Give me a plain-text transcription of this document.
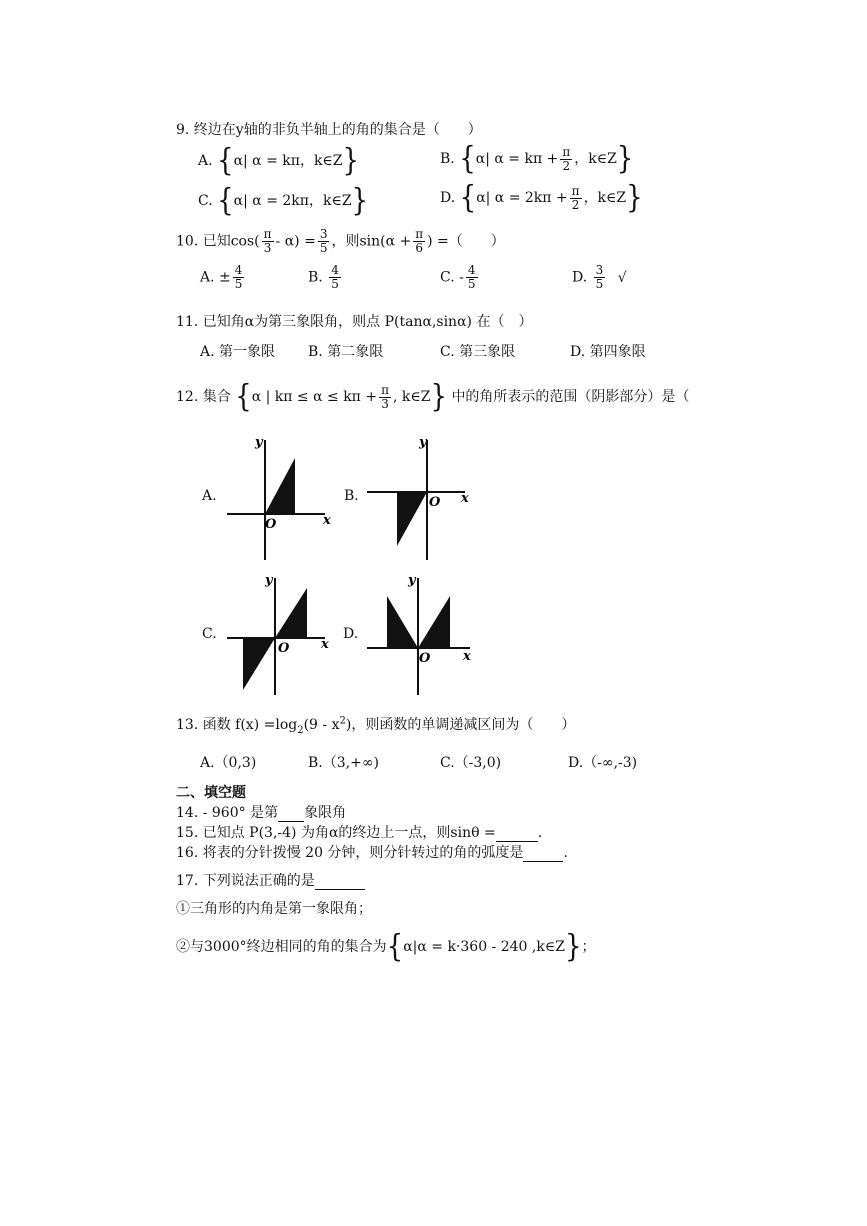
9. 终边在y轴的非负半轴上的角的集合是（　　）
A. {α| α = kπ，k∈Z}	B. {α| $\alpha = k\pi + \frac{\pi}{2}$ ，k∈Z}
C. {α| α = 2kπ，k∈Z}	D. {α| $\alpha = 2k\pi + \frac{\pi}{2}$ ，k∈Z}
10. 已知$\cos( \frac{\pi}{3} - \alpha) = \frac{3}{5}$ ，则$\sin(\alpha + \frac{\pi}{6}$ ) =（　　）
A. ± $\frac{4}{5}$	B. $\frac{4}{5}$	C. - $\frac{4}{5}$	D. $\frac{3}{5}$ √
11. 已知角α为第三象限角，则点 P(tanα,sinα) 在（　）
A. 第一象限 B. 第二象限	C. 第三象限	D. 第四象限
12. 集合 {α | $k\pi \le \alpha \le k\pi + \frac{\pi}{3}$ , k∈Z} 中的角所表示的范围（阴影部分）是（
A.
y
x
O
B.
y
x
O
C.
y
x
O
D.
y
x
O
13. 函数 $f(x) =\log_2(9 - x^2)$，则函数的单调递减区间为（　　）
A.（0,3)	B.（3,+∞)	C.（-3,0)	D.（-∞,-3)
二、填空题
14. - 960° 是第 象限角
15. 已知点 P(3,-4) 为角α的终边上一点，则sinθ =	.
16. 将表的分针拨慢 20 分钟，则分针转过的角的弧度是	.
17. 下列说法正确的是
①三角形的内角是第一象限角；
②与3000°终边相同的角的集合为{α|α = k·360 - 240 ,k∈Z}；
